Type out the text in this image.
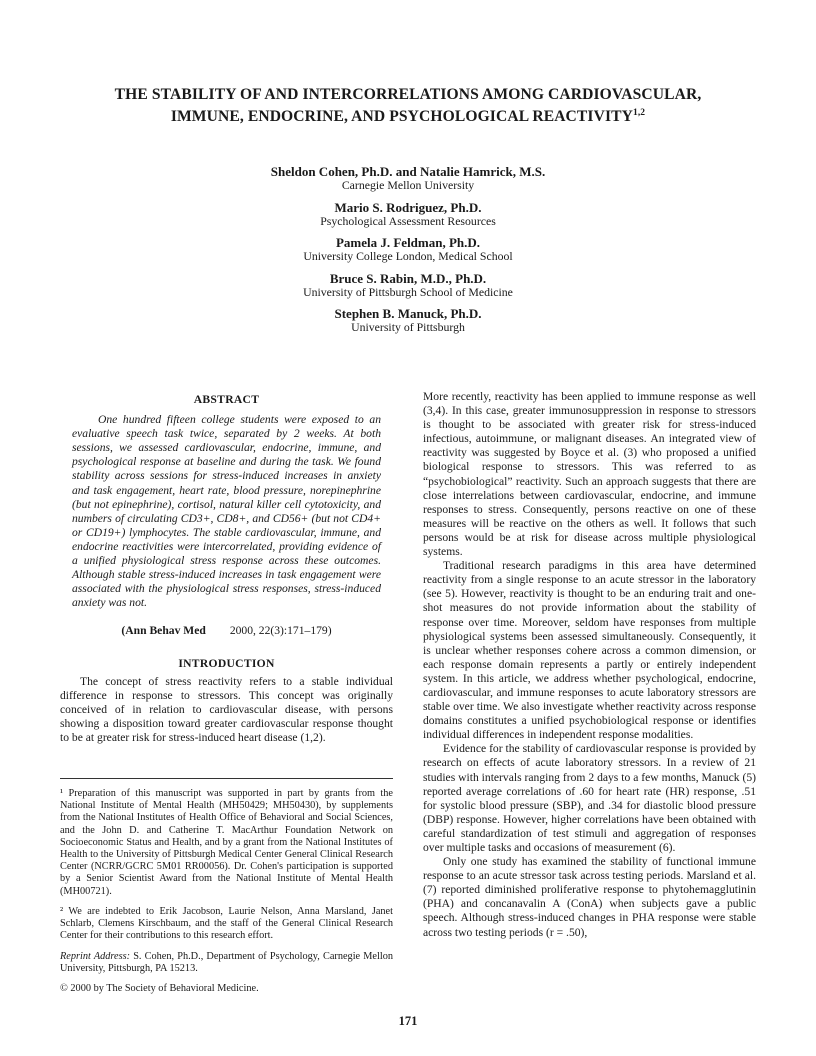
THE STABILITY OF AND INTERCORRELATIONS AMONG CARDIOVASCULAR,
IMMUNE, ENDOCRINE, AND PSYCHOLOGICAL REACTIVITY$^{1,2}$
Sheldon Cohen, Ph.D. and Natalie Hamrick, M.S.
Carnegie Mellon University
Mario S. Rodriguez, Ph.D.
Psychological Assessment Resources
Pamela J. Feldman, Ph.D.
University College London, Medical School
Bruce S. Rabin, M.D., Ph.D.
University of Pittsburgh School of Medicine
Stephen B. Manuck, Ph.D.
University of Pittsburgh
ABSTRACT

One hundred fifteen college students were exposed to an evaluative speech task twice, separated by 2 weeks. At both sessions, we assessed cardiovascular, endocrine, immune, and psychological response at baseline and during the task. We found stability across sessions for stress-induced increases in anxiety and task engagement, heart rate, blood pressure, norepinephrine (but not epinephrine), cortisol, natural killer cell cytotoxicity, and numbers of circulating CD3+, CD8+, and CD56+ (but not CD4+ or CD19+) lymphocytes. The stable cardiovascular, immune, and endocrine reactivities were intercorrelated, providing evidence of a unified physiological stress response across these outcomes. Although stable stress-induced increases in task engagement were associated with the physiological stress responses, stress-induced anxiety was not.

(Ann Behav Med 2000, 22(3):171–179)
INTRODUCTION

The concept of stress reactivity refers to a stable individual difference in response to stressors. This concept was originally conceived of in relation to cardiovascular disease, with persons showing a disposition toward greater cardiovascular response thought to be at greater risk for stress-induced heart disease (1,2).

¹ Preparation of this manuscript was supported in part by grants from the National Institute of Mental Health (MH50429; MH50430), by supplements from the National Institutes of Health Office of Behavioral and Social Sciences, and the John D. and Catherine T. MacArthur Foundation Network on Socioeconomic Status and Health, and by a grant from the National Institutes of Health to the University of Pittsburgh Medical Center General Clinical Research Center (NCRR/GCRC 5M01 RR00056). Dr. Cohen's participation is supported by a Senior Scientist Award from the National Institute of Mental Health (MH00721).

² We are indebted to Erik Jacobson, Laurie Nelson, Anna Marsland, Janet Schlarb, Clemens Kirschbaum, and the staff of the General Clinical Research Center for their contributions to this research effort.

Reprint Address: S. Cohen, Ph.D., Department of Psychology, Carnegie Mellon University, Pittsburgh, PA 15213.

© 2000 by The Society of Behavioral Medicine.

More recently, reactivity has been applied to immune response as well (3,4). In this case, greater immunosuppression in response to stressors is thought to be associated with greater risk for stress-induced infectious, autoimmune, or malignant diseases. An integrated view of reactivity was suggested by Boyce et al. (3) who proposed a unified biological response to stressors. This was referred to as “psychobiological” reactivity. Such an approach suggests that there are close interrelations between cardiovascular, endocrine, and immune responses to stress. Consequently, persons reactive on one of these measures will be reactive on the others as well. It follows that such persons would be at risk for disease across multiple physiological systems.

Traditional research paradigms in this area have determined reactivity from a single response to an acute stressor in the laboratory (see 5). However, reactivity is thought to be an enduring trait and one-shot measures do not provide information about the stability of response over time. Moreover, seldom have responses from multiple physiological systems been assessed simultaneously. Consequently, it is unclear whether responses cohere across a common dimension, or each response domain represents a partly or entirely independent system. In this article, we address whether psychological, endocrine, cardiovascular, and immune responses to acute laboratory stressors are stable over time. We also investigate whether reactivity across response domains constitutes a unified psychobiological response or identifies individual differences in independent response modalities.

Evidence for the stability of cardiovascular response is provided by research on effects of acute laboratory stressors. In a review of 21 studies with intervals ranging from 2 days to a few months, Manuck (5) reported average correlations of .60 for heart rate (HR) response, .51 for systolic blood pressure (SBP), and .34 for diastolic blood pressure (DBP) response. However, higher correlations have been obtained with careful standardization of test stimuli and aggregation of responses over multiple tasks and occasions of measurement (6).

Only one study has examined the stability of functional immune response to an acute stressor task across testing periods. Marsland et al. (7) reported diminished proliferative response to phytohemagglutinin (PHA) and concanavalin A (ConA) when subjects gave a public speech. Although stress-induced changes in PHA response were stable across two testing periods (r = .50),

171
